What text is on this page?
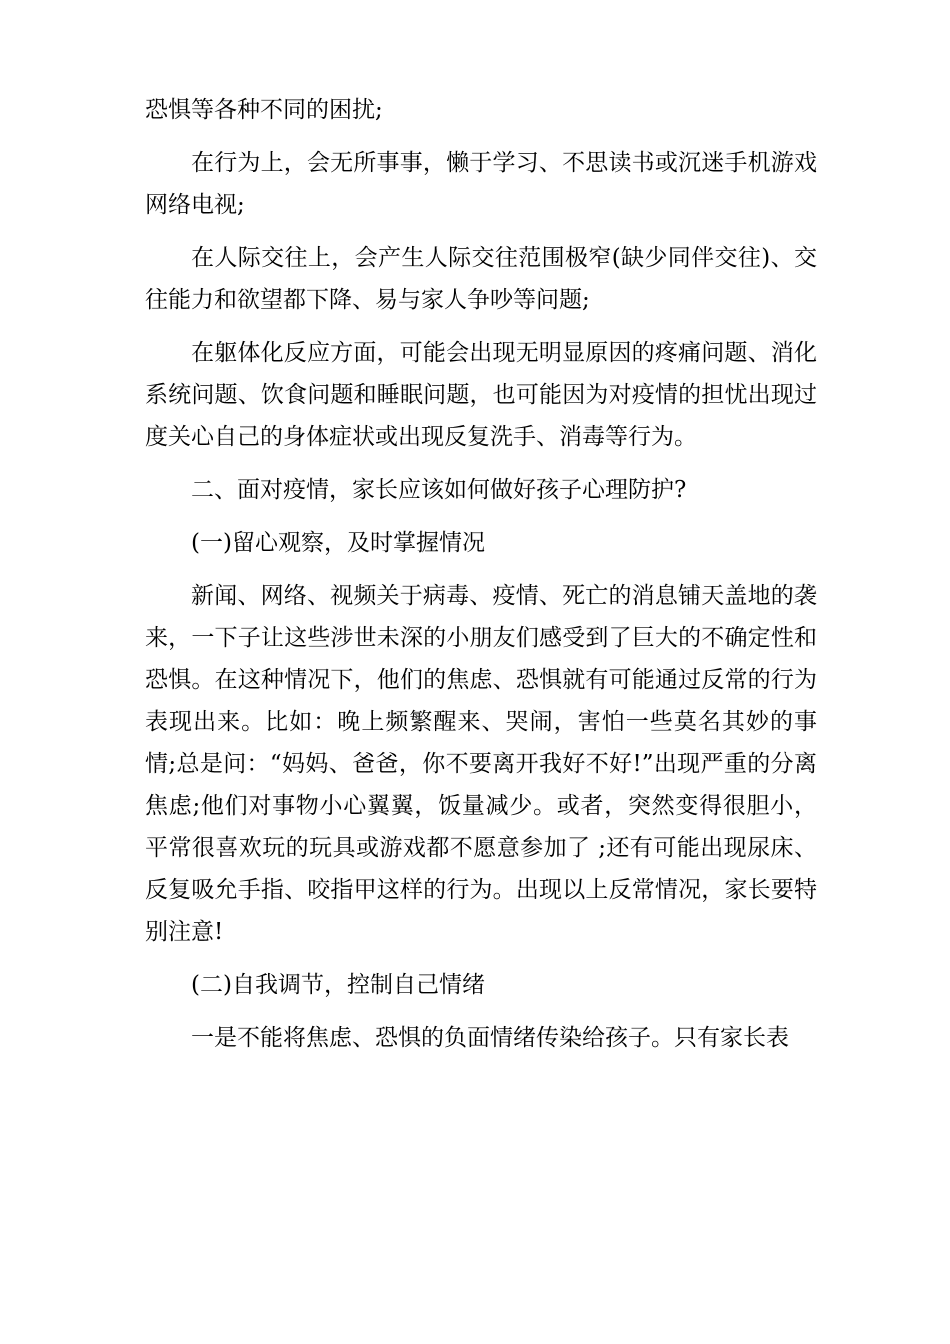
恐惧等各种不同的困扰;

在行为上，会无所事事，懒于学习、不思读书或沉迷手机游戏网络电视;

在人际交往上，会产生人际交往范围极窄(缺少同伴交往)、交往能力和欲望都下降、易与家人争吵等问题;

在躯体化反应方面，可能会出现无明显原因的疼痛问题、消化系统问题、饮食问题和睡眠问题，也可能因为对疫情的担忧出现过度关心自己的身体症状或出现反复洗手、消毒等行为。

二、面对疫情，家长应该如何做好孩子心理防护?

(一)留心观察，及时掌握情况

新闻、网络、视频关于病毒、疫情、死亡的消息铺天盖地的袭来，一下子让这些涉世未深的小朋友们感受到了巨大的不确定性和恐惧。在这种情况下，他们的焦虑、恐惧就有可能通过反常的行为表现出来。比如：晚上频繁醒来、哭闹，害怕一些莫名其妙的事情;总是问：“妈妈、爸爸，你不要离开我好不好!”出现严重的分离焦虑;他们对事物小心翼翼，饭量减少。或者，突然变得很胆小，平常很喜欢玩的玩具或游戏都不愿意参加了 ;还有可能出现尿床、反复吸允手指、咬指甲这样的行为。出现以上反常情况，家长要特别注意!

(二)自我调节，控制自己情绪

一是不能将焦虑、恐惧的负面情绪传染给孩子。只有家长表
